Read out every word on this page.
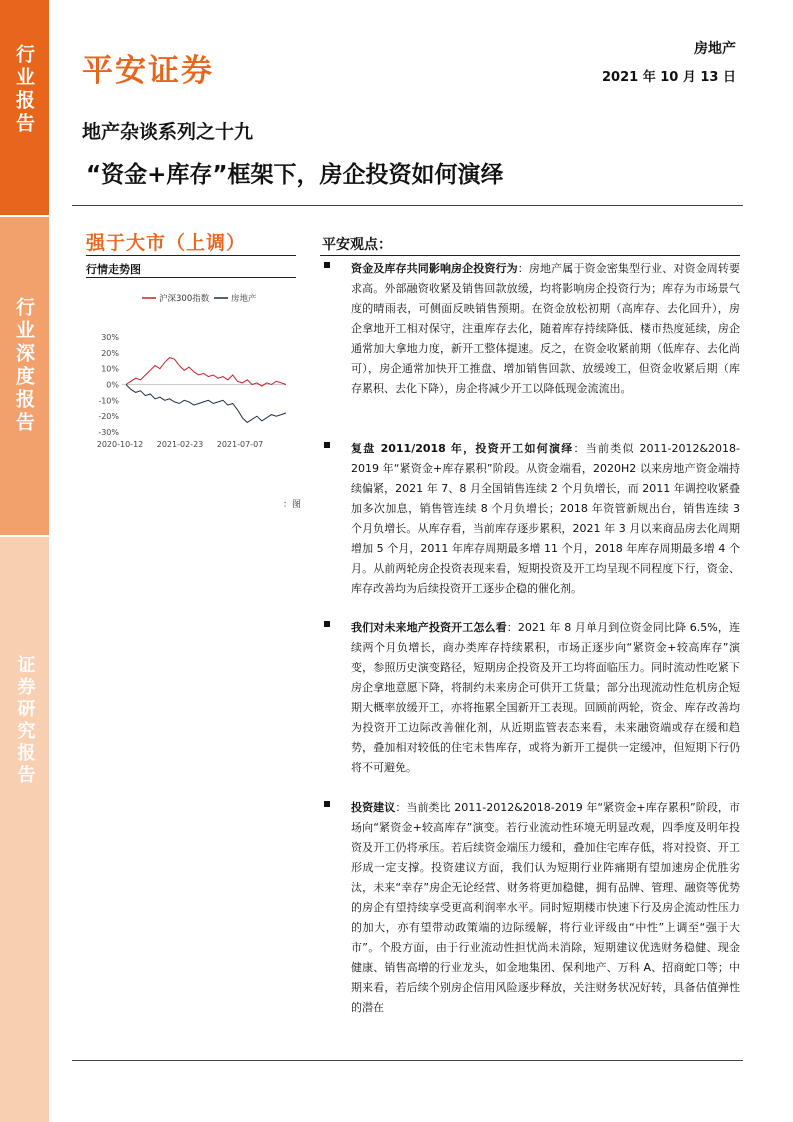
行业报告
行业深度报告
证券研究报告
平安证券
房地产
2021 年 10 月 13 日
地产杂谈系列之十九
“资金+库存”框架下，房企投资如何演绎
强于大市（上调）
行情走势图
沪深300指数	房地产
30%
20%
10%
0%
-10%
-20%
-30%
2020-10-12 2021-02-23 2021-07-07
：图
平安观点：
资金及库存共同影响房企投资行为：房地产属于资金密集型行业、对资金周转要求高。外部融资收紧及销售回款放缓，均将影响房企投资行为；库存为市场景气度的晴雨表，可侧面反映销售预期。在资金放松初期（高库存、去化回升），房企拿地开工相对保守，注重库存去化，随着库存持续降低、楼市热度延续，房企通常加大拿地力度，新开工整体提速。反之，在资金收紧前期（低库存、去化尚可），房企通常加快开工推盘、增加销售回款、放缓竣工，但资金收紧后期（库存累积、去化下降），房企将减少开工以降低现金流流出。
复盘 2011/2018 年，投资开工如何演绎：当前类似 2011-2012&2018-2019 年“紧资金+库存累积”阶段。从资金端看，2020H2 以来房地产资金端持续偏紧，2021 年 7、8 月全国销售连续 2 个月负增长，而 2011 年调控收紧叠加多次加息，销售管连续 8 个月负增长；2018 年资管新规出台，销售连续 3 个月负增长。从库存看，当前库存逐步累积，2021 年 3 月以来商品房去化周期增加 5 个月，2011 年库存周期最多增 11 个月，2018 年库存周期最多增 4 个月。从前两轮房企投资表现来看，短期投资及开工均呈现不同程度下行，资金、库存改善均为后续投资开工逐步企稳的催化剂。
我们对未来地产投资开工怎么看：2021 年 8 月单月到位资金同比降 6.5%，连续两个月负增长，商办类库存持续累积，市场正逐步向“紧资金+较高库存”演变，参照历史演变路径，短期房企投资及开工均将面临压力。同时流动性吃紧下房企拿地意愿下降，将制约未来房企可供开工货量；部分出现流动性危机房企短期大概率放缓开工，亦将拖累全国新开工表现。回顾前两轮，资金、库存改善均为投资开工边际改善催化剂，从近期监管表态来看，未来融资端或存在缓和趋势，叠加相对较低的住宅未售库存，或将为新开工提供一定缓冲，但短期下行仍将不可避免。
投资建议：当前类比 2011-2012&2018-2019 年“紧资金+库存累积”阶段，市场向“紧资金+较高库存”演变。若行业流动性环境无明显改观，四季度及明年投资及开工仍将承压。若后续资金端压力缓和，叠加住宅库存低，将对投资、开工形成一定支撑。投资建议方面，我们认为短期行业阵痛期有望加速房企优胜劣汰，未来“幸存”房企无论经营、财务将更加稳健，拥有品牌、管理、融资等优势的房企有望持续享受更高利润率水平。同时短期楼市快速下行及房企流动性压力的加大，亦有望带动政策端的边际缓解，将行业评级由“中性”上调至“强于大市”。个股方面，由于行业流动性担忧尚未消除，短期建议优选财务稳健、现金健康、销售高增的行业龙头，如金地集团、保利地产、万科 A、招商蛇口等；中期来看，若后续个别房企信用风险逐步释放，关注财务状况好转，具备估值弹性的潜在
